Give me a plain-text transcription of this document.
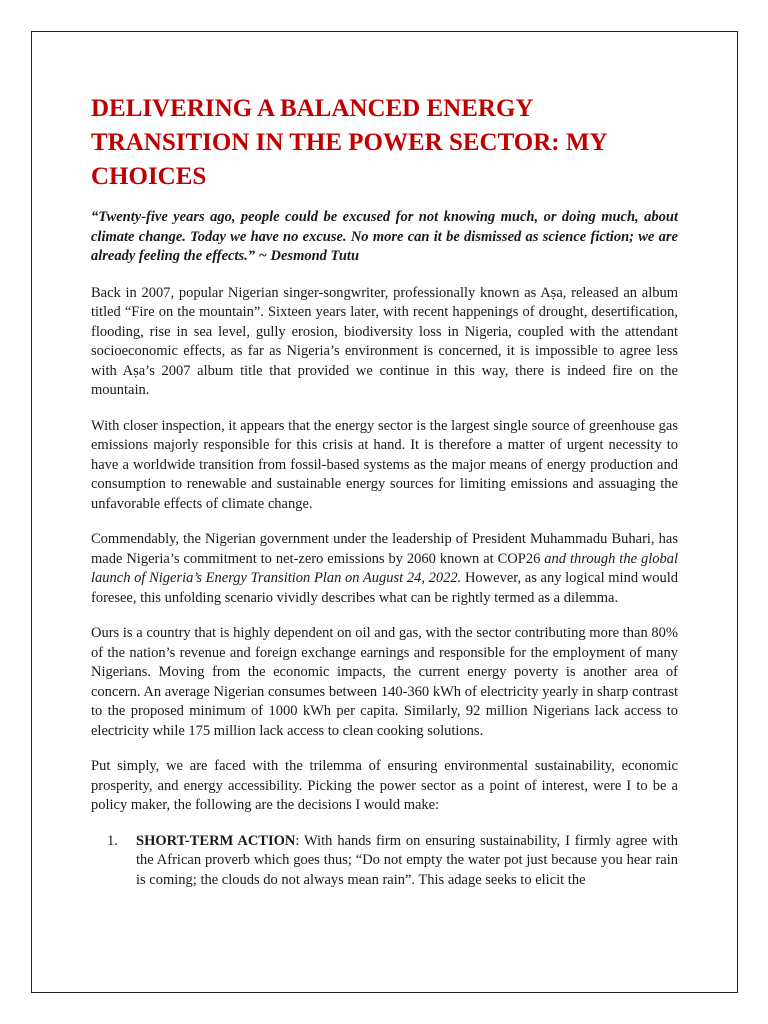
DELIVERING A BALANCED ENERGY TRANSITION IN THE POWER SECTOR: MY CHOICES

“Twenty-five years ago, people could be excused for not knowing much, or doing much, about climate change. Today we have no excuse. No more can it be dismissed as science fiction; we are already feeling the effects.” ~ Desmond Tutu

Back in 2007, popular Nigerian singer-songwriter, professionally known as Aṣa, released an album titled “Fire on the mountain”. Sixteen years later, with recent happenings of drought, desertification, flooding, rise in sea level, gully erosion, biodiversity loss in Nigeria, coupled with the attendant socioeconomic effects, as far as Nigeria’s environment is concerned, it is impossible to agree less with Aṣa’s 2007 album title that provided we continue in this way, there is indeed fire on the mountain.

With closer inspection, it appears that the energy sector is the largest single source of greenhouse gas emissions majorly responsible for this crisis at hand. It is therefore a matter of urgent necessity to have a worldwide transition from fossil-based systems as the major means of energy production and consumption to renewable and sustainable energy sources for limiting emissions and assuaging the unfavorable effects of climate change.

Commendably, the Nigerian government under the leadership of President Muhammadu Buhari, has made Nigeria’s commitment to net-zero emissions by 2060 known at COP26 and through the global launch of Nigeria’s Energy Transition Plan on August 24, 2022. However, as any logical mind would foresee, this unfolding scenario vividly describes what can be rightly termed as a dilemma.

Ours is a country that is highly dependent on oil and gas, with the sector contributing more than 80% of the nation’s revenue and foreign exchange earnings and responsible for the employment of many Nigerians. Moving from the economic impacts, the current energy poverty is another area of concern. An average Nigerian consumes between 140-360 kWh of electricity yearly in sharp contrast to the proposed minimum of 1000 kWh per capita. Similarly, 92 million Nigerians lack access to electricity while 175 million lack access to clean cooking solutions.

Put simply, we are faced with the trilemma of ensuring environmental sustainability, economic prosperity, and energy accessibility. Picking the power sector as a point of interest, were I to be a policy maker, the following are the decisions I would make:

1. SHORT-TERM ACTION: With hands firm on ensuring sustainability, I firmly agree with the African proverb which goes thus; “Do not empty the water pot just because you hear rain is coming; the clouds do not always mean rain”. This adage seeks to elicit the
